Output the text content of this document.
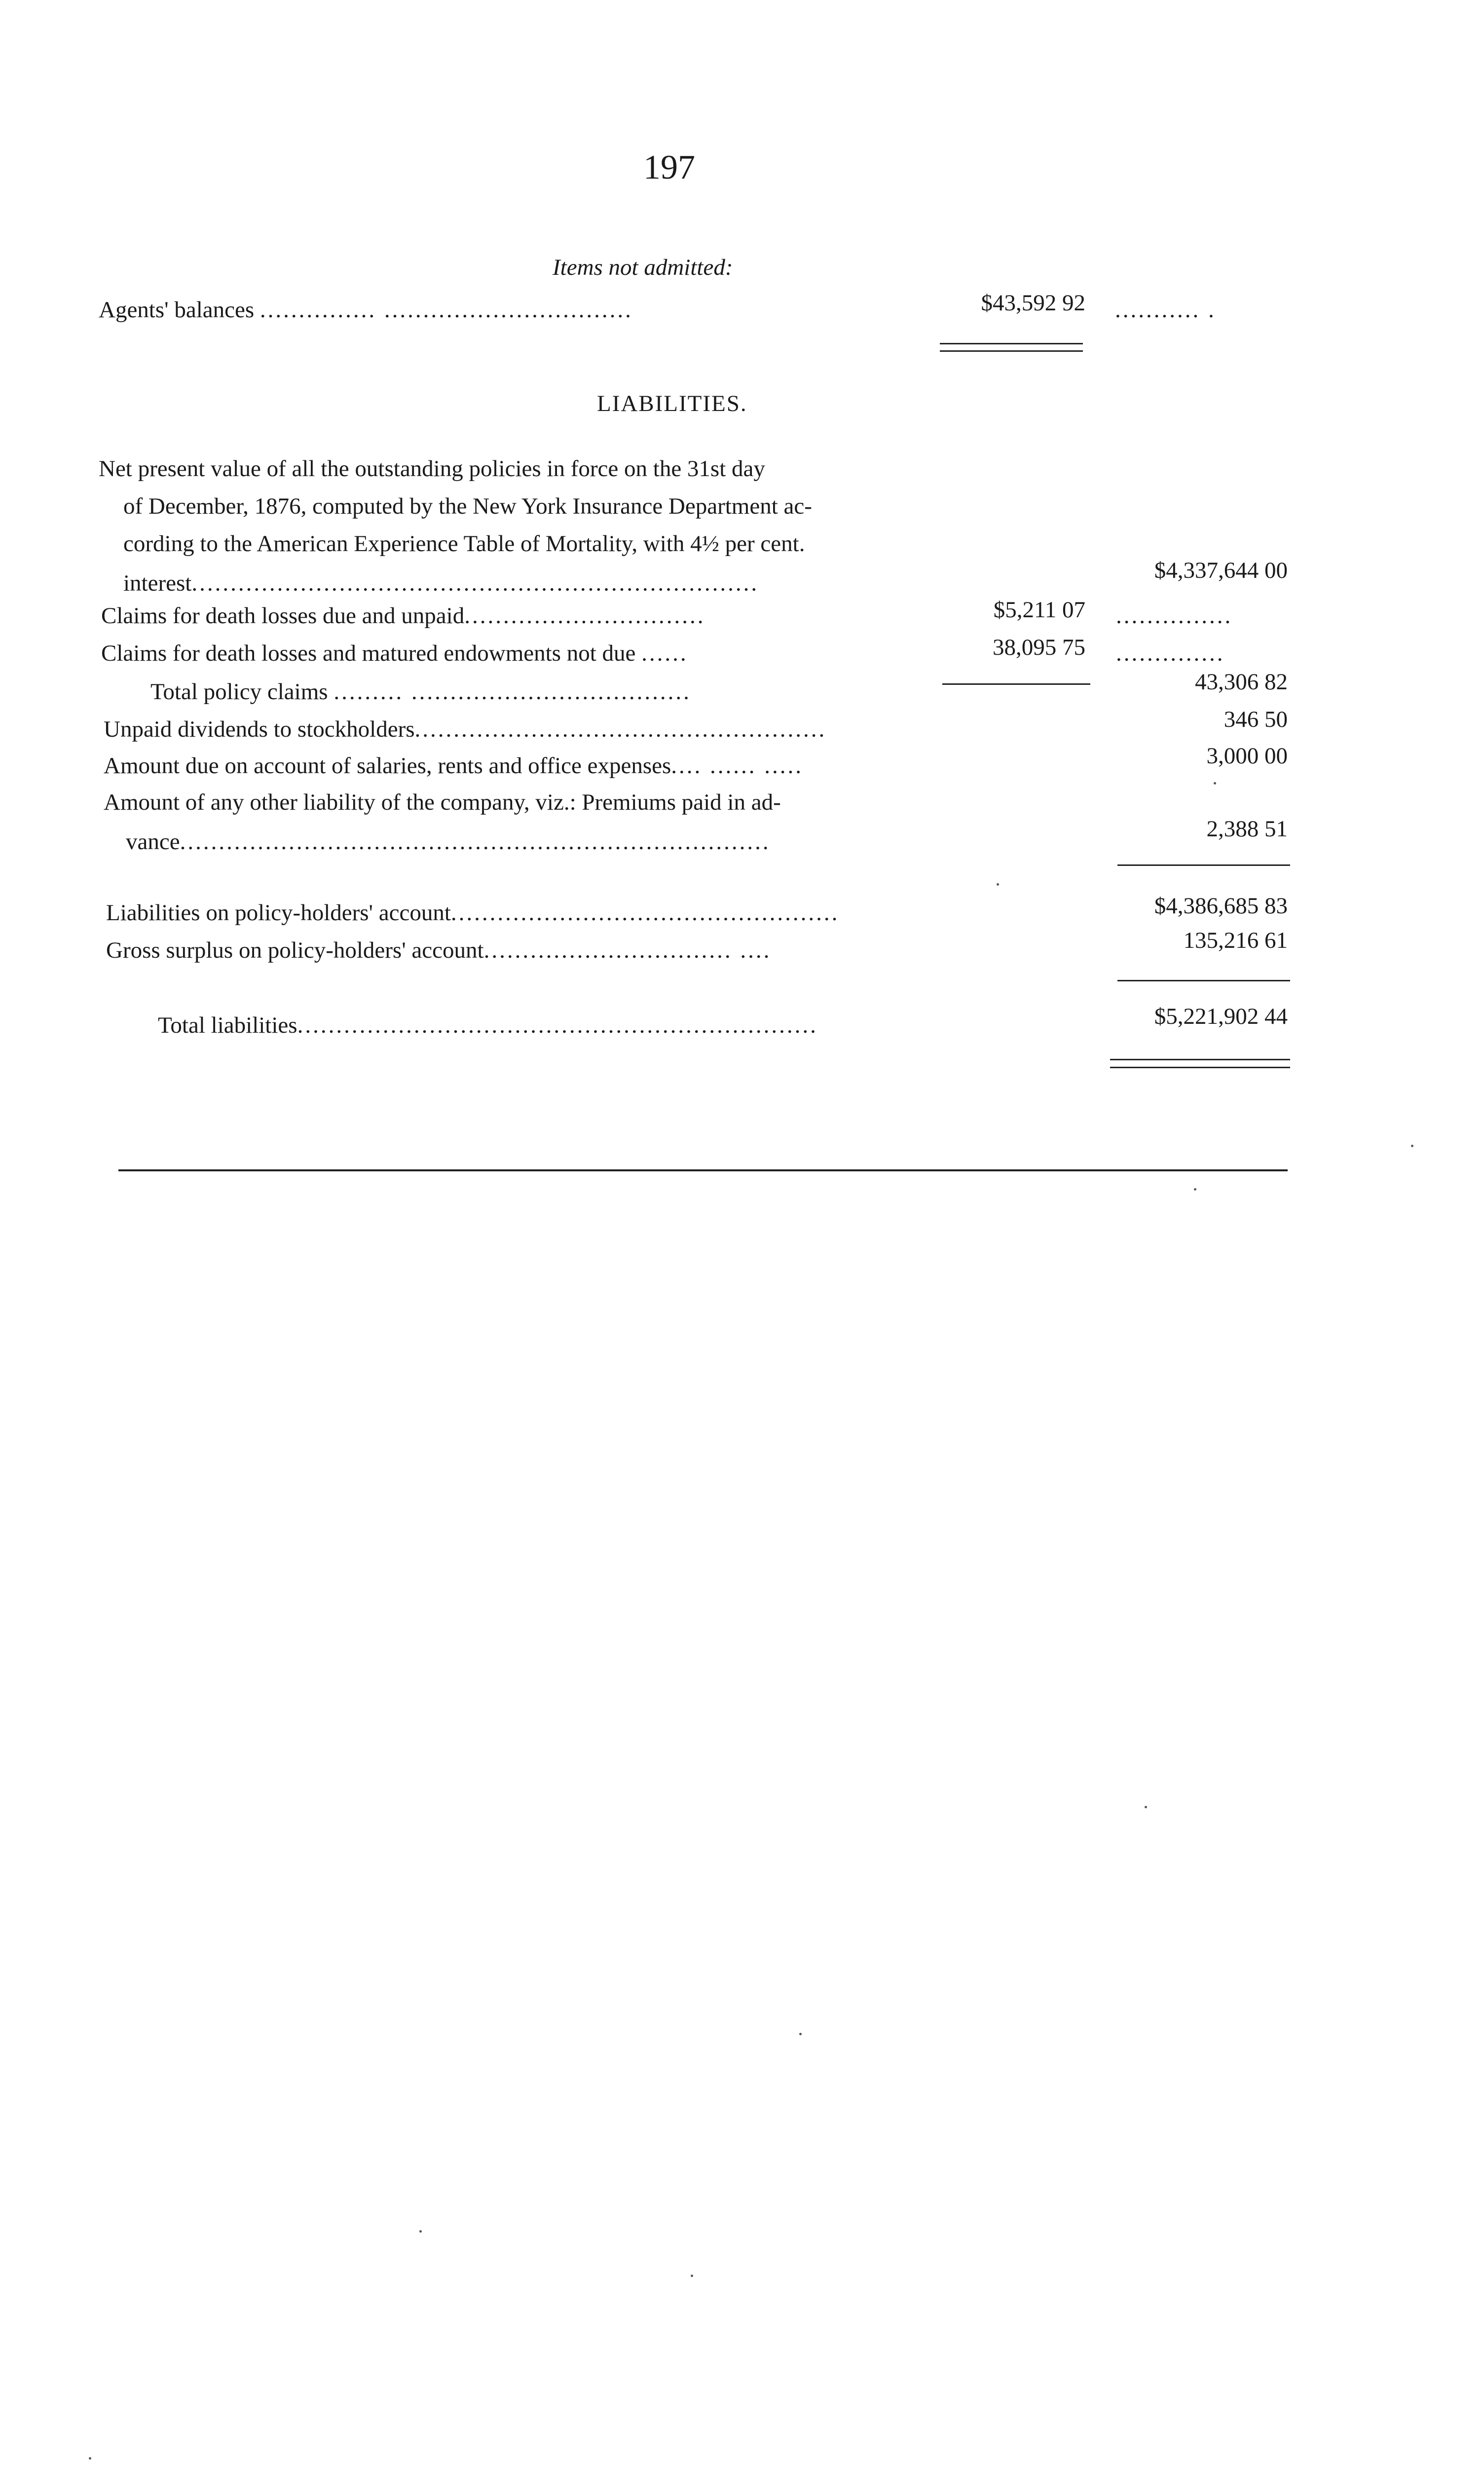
197
Items not admitted:
Agents' balances ............... ................................	$43,592 92 ........... .
LIABILITIES.
Net present value of all the outstanding policies in force on the 31st day
of December, 1876, computed by the New York Insurance Department ac-
cording to the American Experience Table of Mortality, with 4½ per cent.
interest.........................................................................	$4,337,644 00
Claims for death losses due and unpaid...............................	$5,211 07 ...............
Claims for death losses and matured endowments not due ......	38,095 75 ..............
Total policy claims ......... ....................................	43,306 82
Unpaid dividends to stockholders.....................................................	346 50
Amount due on account of salaries, rents and office expenses.... ...... .....	3,000 00
Amount of any other liability of the company, viz.: Premiums paid in ad-
vance............................................................................	2,388 51
Liabilities on policy-holders' account..................................................	$4,386,685 83
Gross surplus on policy-holders' account................................ ....	135,216 61
Total liabilities...................................................................	$5,221,902 44
